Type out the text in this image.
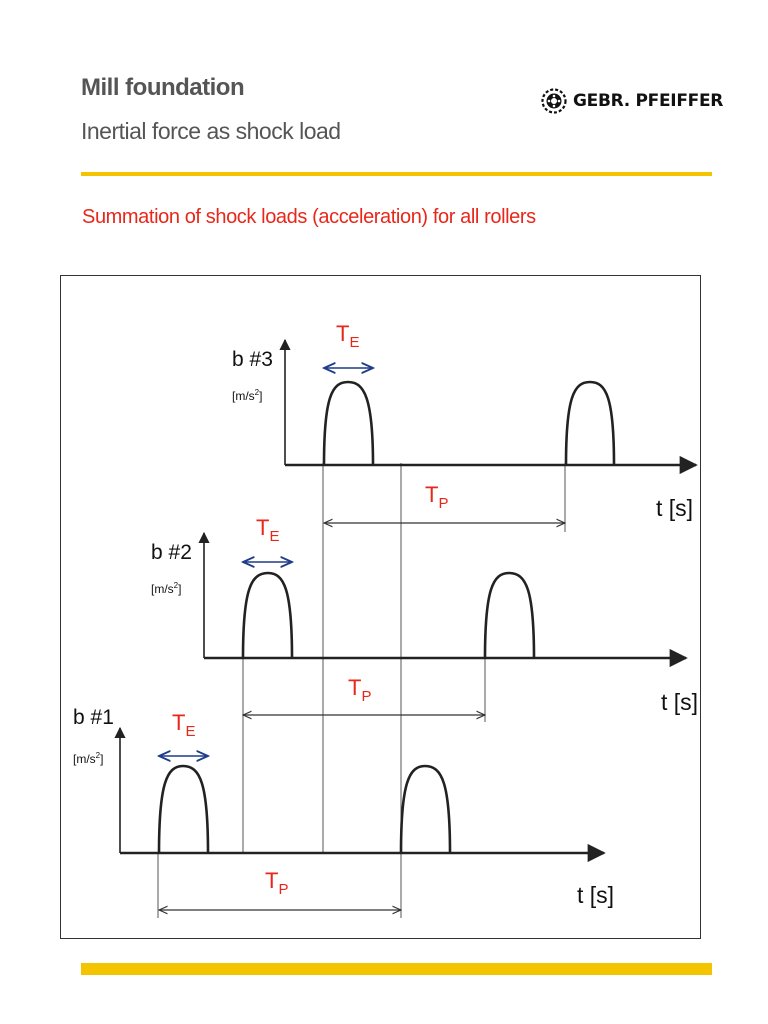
Mill foundation
Inertial force as shock load
GEBR. PFEIFFER
Summation of shock loads (acceleration) for all rollers
b #3
$[m/s^2]$
$T_E$
$T_P$	t [s]
b #2
$[m/s^2]$
$T_E$
$T_P$	t [s]
b #1
$[m/s^2]$
$T_E$
$T_P$	t [s]
